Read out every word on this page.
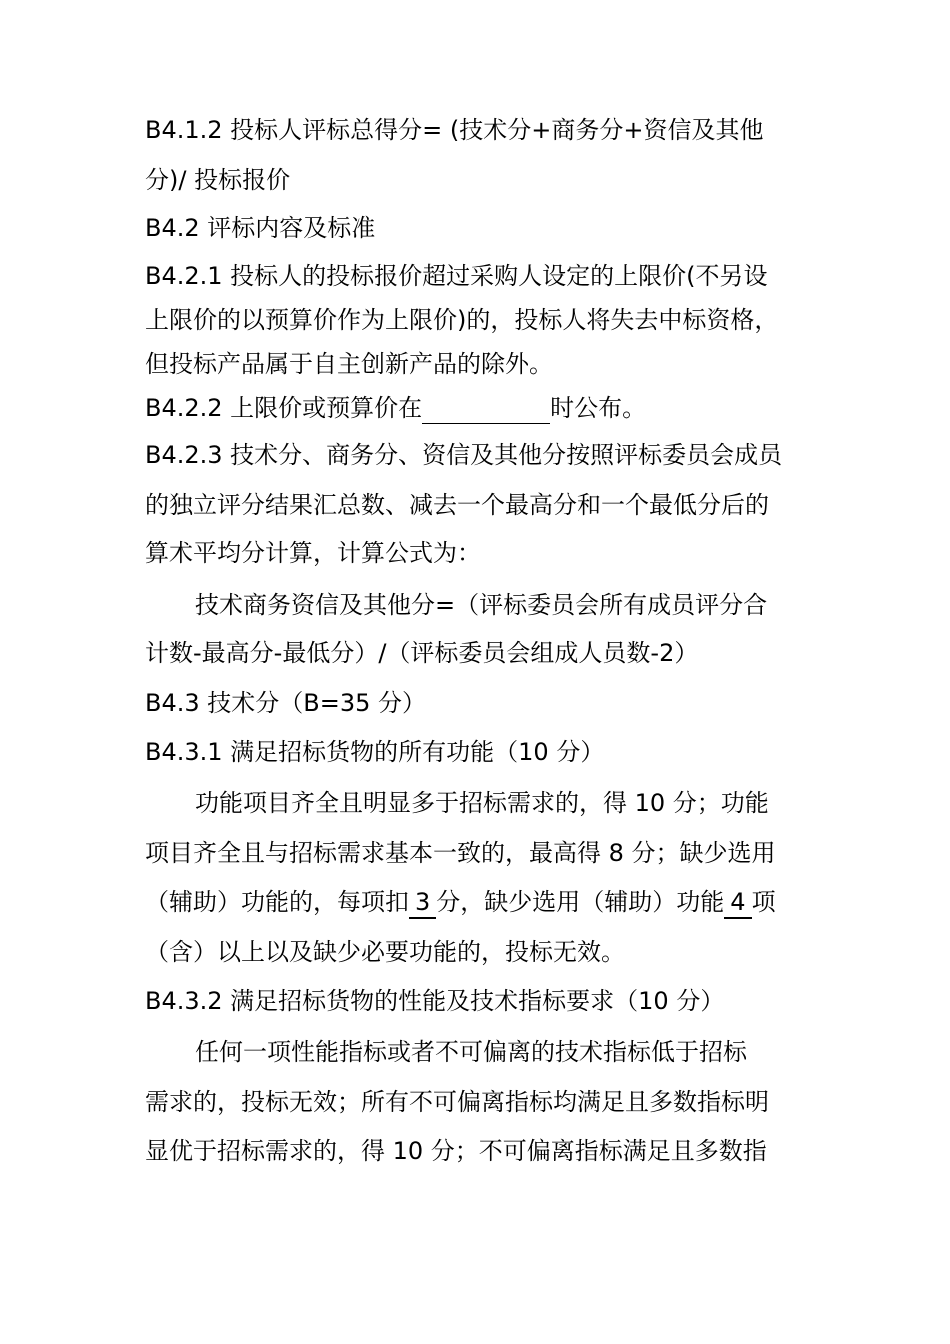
B4.1.2 投标人评标总得分= (技术分+商务分+资信及其他
分)/ 投标报价
B4.2 评标内容及标准
B4.2.1 投标人的投标报价超过采购人设定的上限价(不另设
上限价的以预算价作为上限价)的，投标人将失去中标资格，
但投标产品属于自主创新产品的除外。
B4.2.2 上限价或预算价在	时公布。
B4.2.3 技术分、商务分、资信及其他分按照评标委员会成员
的独立评分结果汇总数、减去一个最高分和一个最低分后的
算术平均分计算，计算公式为：
技术商务资信及其他分=（评标委员会所有成员评分合
计数-最高分-最低分）/（评标委员会组成人员数-2）
B4.3 技术分（B=35 分）
B4.3.1 满足招标货物的所有功能（10 分）
功能项目齐全且明显多于招标需求的，得 10 分；功能
项目齐全且与招标需求基本一致的，最高得 8 分；缺少选用
（辅助）功能的，每项扣 3 分，缺少选用（辅助）功能 4 项
（含）以上以及缺少必要功能的，投标无效。
B4.3.2 满足招标货物的性能及技术指标要求（10 分）
任何一项性能指标或者不可偏离的技术指标低于招标
需求的，投标无效；所有不可偏离指标均满足且多数指标明
显优于招标需求的，得 10 分；不可偏离指标满足且多数指
